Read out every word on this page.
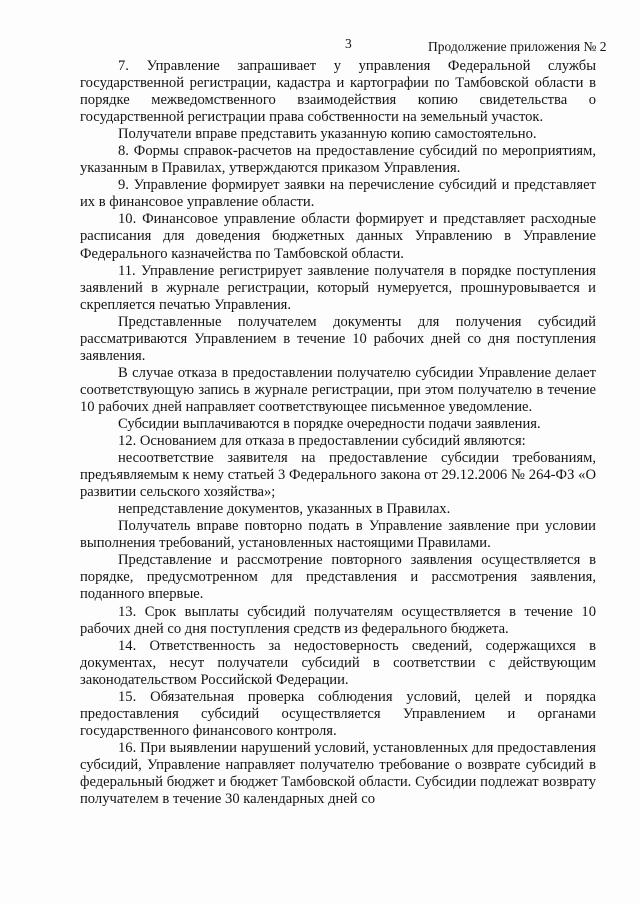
3	Продолжение приложения № 2

7. Управление запрашивает у управления Федеральной службы государственной регистрации, кадастра и картографии по Тамбовской области в порядке межведомственного взаимодействия копию свидетельства о государственной регистрации права собственности на земельный участок.

Получатели вправе представить указанную копию самостоятельно.

8. Формы справок-расчетов на предоставление субсидий по мероприятиям, указанным в Правилах, утверждаются приказом Управления.

9. Управление формирует заявки на перечисление субсидий и представляет их в финансовое управление области.

10. Финансовое управление области формирует и представляет расходные расписания для доведения бюджетных данных Управлению в Управление Федерального казначейства по Тамбовской области.

11. Управление регистрирует заявление получателя в порядке поступления заявлений в журнале регистрации, который нумеруется, прошнуровывается и скрепляется печатью Управления.

Представленные получателем документы для получения субсидий рассматриваются Управлением в течение 10 рабочих дней со дня поступления заявления.

В случае отказа в предоставлении получателю субсидии Управление делает соответствующую запись в журнале регистрации, при этом получателю в течение 10 рабочих дней направляет соответствующее письменное уведомление.

Субсидии выплачиваются в порядке очередности подачи заявления.

12. Основанием для отказа в предоставлении субсидий являются:

несоответствие заявителя на предоставление субсидии требованиям, предъявляемым к нему статьей 3 Федерального закона от 29.12.2006 № 264-ФЗ «О развитии сельского хозяйства»;

непредставление документов, указанных в Правилах.

Получатель вправе повторно подать в Управление заявление при условии выполнения требований, установленных настоящими Правилами.

Представление и рассмотрение повторного заявления осуществляется в порядке, предусмотренном для представления и рассмотрения заявления, поданного впервые.

13. Срок выплаты субсидий получателям осуществляется в течение 10 рабочих дней со дня поступления средств из федерального бюджета.

14. Ответственность за недостоверность сведений, содержащихся в документах, несут получатели субсидий в соответствии с действующим законодательством Российской Федерации.

15. Обязательная проверка соблюдения условий, целей и порядка предоставления субсидий осуществляется Управлением и органами государственного финансового контроля.

16. При выявлении нарушений условий, установленных для предоставления субсидий, Управление направляет получателю требование о возврате субсидий в федеральный бюджет и бюджет Тамбовской области. Субсидии подлежат возврату получателем в течение 30 календарных дней со
